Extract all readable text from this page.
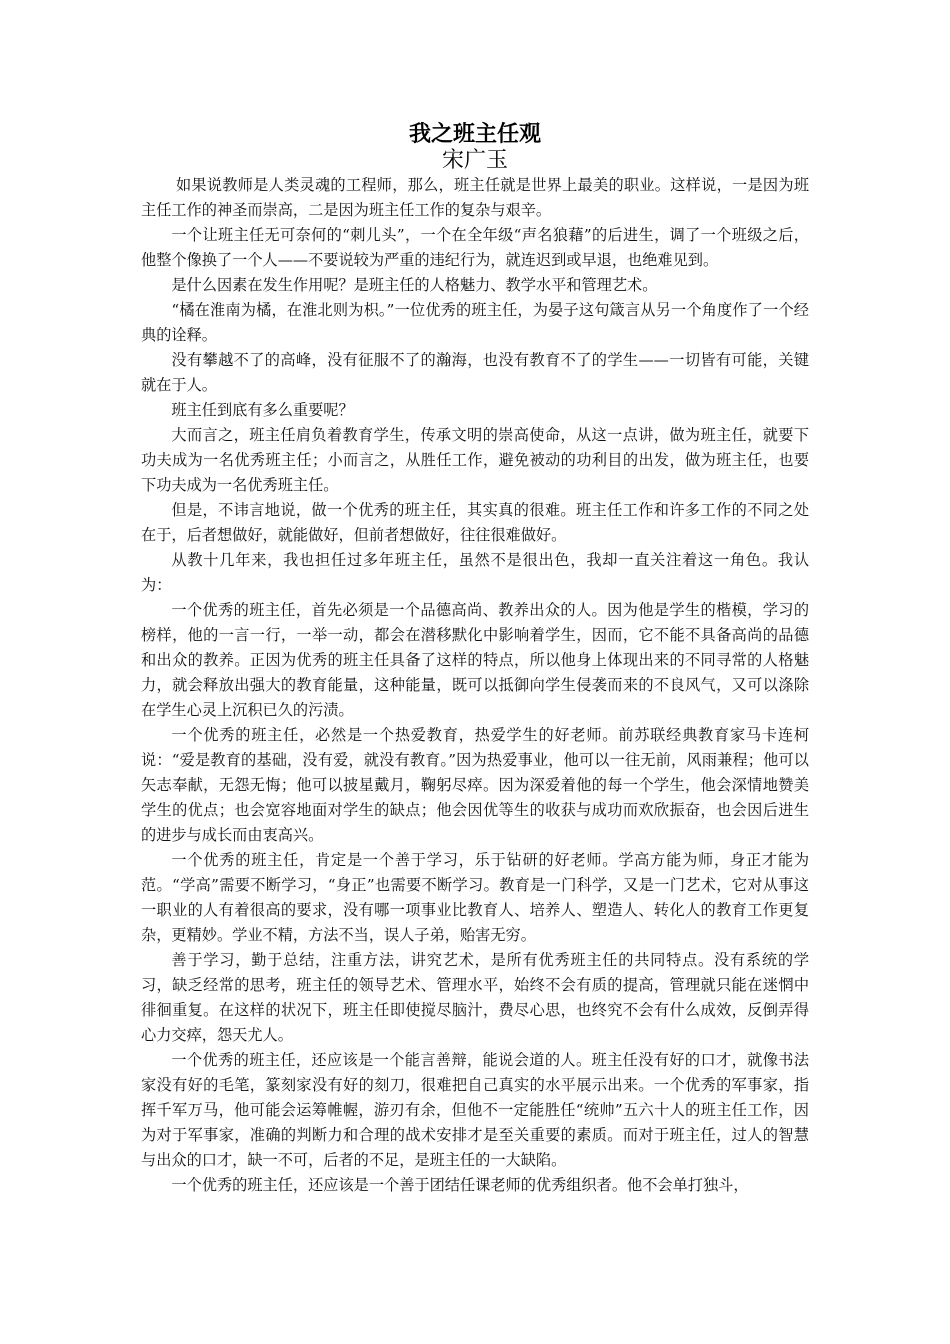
我之班主任观
宋广玉

如果说教师是人类灵魂的工程师，那么，班主任就是世界上最美的职业。这样说，一是因为班主任工作的神圣而崇高，二是因为班主任工作的复杂与艰辛。

一个让班主任无可奈何的“刺儿头”，一个在全年级“声名狼藉”的后进生，调了一个班级之后，他整个像换了一个人——不要说较为严重的违纪行为，就连迟到或早退，也绝难见到。

是什么因素在发生作用呢？是班主任的人格魅力、教学水平和管理艺术。

“橘在淮南为橘，在淮北则为枳。”一位优秀的班主任，为晏子这句箴言从另一个角度作了一个经典的诠释。

没有攀越不了的高峰，没有征服不了的瀚海，也没有教育不了的学生——一切皆有可能，关键就在于人。

班主任到底有多么重要呢？

大而言之，班主任肩负着教育学生，传承文明的崇高使命，从这一点讲，做为班主任，就要下功夫成为一名优秀班主任；小而言之，从胜任工作，避免被动的功利目的出发，做为班主任，也要下功夫成为一名优秀班主任。

但是，不讳言地说，做一个优秀的班主任，其实真的很难。班主任工作和许多工作的不同之处在于，后者想做好，就能做好，但前者想做好，往往很难做好。

从教十几年来，我也担任过多年班主任，虽然不是很出色，我却一直关注着这一角色。我认为：

一个优秀的班主任，首先必须是一个品德高尚、教养出众的人。因为他是学生的楷模，学习的榜样，他的一言一行，一举一动，都会在潜移默化中影响着学生，因而，它不能不具备高尚的品德和出众的教养。正因为优秀的班主任具备了这样的特点，所以他身上体现出来的不同寻常的人格魅力，就会释放出强大的教育能量，这种能量，既可以抵御向学生侵袭而来的不良风气，又可以涤除在学生心灵上沉积已久的污渍。

一个优秀的班主任，必然是一个热爱教育，热爱学生的好老师。前苏联经典教育家马卡连柯说：“爱是教育的基础，没有爱，就没有教育。”因为热爱事业，他可以一往无前，风雨兼程；他可以矢志奉献，无怨无悔；他可以披星戴月，鞠躬尽瘁。因为深爱着他的每一个学生，他会深情地赞美学生的优点；也会宽容地面对学生的缺点；他会因优等生的收获与成功而欢欣振奋，也会因后进生的进步与成长而由衷高兴。

一个优秀的班主任，肯定是一个善于学习，乐于钻研的好老师。学高方能为师，身正才能为范。“学高”需要不断学习，“身正”也需要不断学习。教育是一门科学，又是一门艺术，它对从事这一职业的人有着很高的要求，没有哪一项事业比教育人、培养人、塑造人、转化人的教育工作更复杂，更精妙。学业不精，方法不当，误人子弟，贻害无穷。

善于学习，勤于总结，注重方法，讲究艺术，是所有优秀班主任的共同特点。没有系统的学习，缺乏经常的思考，班主任的领导艺术、管理水平，始终不会有质的提高，管理就只能在迷惘中徘徊重复。在这样的状况下，班主任即使搅尽脑汁，费尽心思，也终究不会有什么成效，反倒弄得心力交瘁，怨天尤人。

一个优秀的班主任，还应该是一个能言善辩，能说会道的人。班主任没有好的口才，就像书法家没有好的毛笔，篆刻家没有好的刻刀，很难把自己真实的水平展示出来。一个优秀的军事家，指挥千军万马，他可能会运筹帷幄，游刃有余，但他不一定能胜任“统帅”五六十人的班主任工作，因为对于军事家，准确的判断力和合理的战术安排才是至关重要的素质。而对于班主任，过人的智慧与出众的口才，缺一不可，后者的不足，是班主任的一大缺陷。

一个优秀的班主任，还应该是一个善于团结任课老师的优秀组织者。他不会单打独斗，
